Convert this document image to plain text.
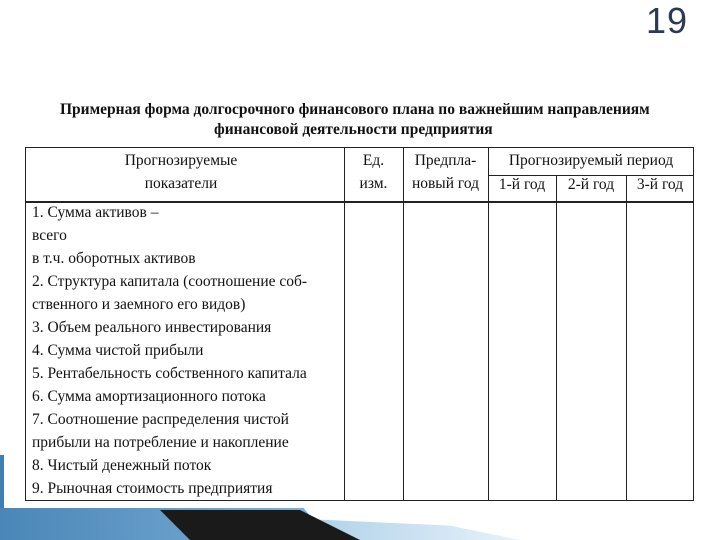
19
Примерная форма долгосрочного финансового плана по важнейшим направлениям
финансовой деятельности предприятия
Прогнозируемые
показатели
Ед.
изм.
Предпла-
новый год
Прогнозируемый период
1-й год	2-й год	3-й год
1. Сумма активов –
всего
в т.ч. оборотных активов
2. Структура капитала (соотношение соб-
ственного и заемного его видов)
3. Объем реального инвестирования
4. Сумма чистой прибыли
5. Рентабельность собственного капитала
6. Сумма амортизационного потока
7. Соотношение распределения чистой
прибыли на потребление и накопление
8. Чистый денежный поток
9. Рыночная стоимость предприятия
